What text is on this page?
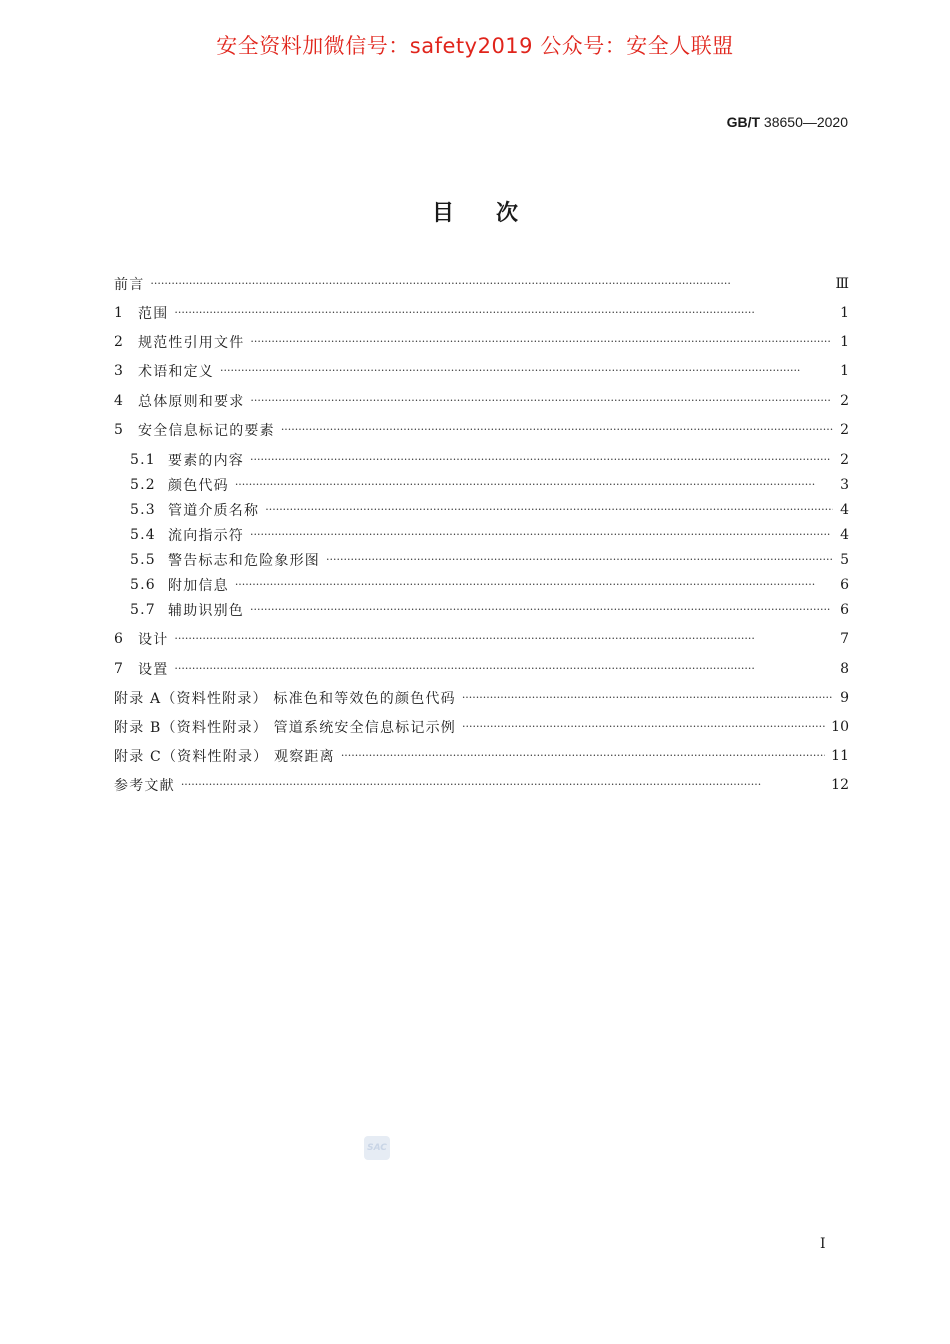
安全资料加微信号：safety2019 公众号：安全人联盟
GB/T 38650—2020
目次
前言 ·····	Ⅲ
1 范围 ·····	1
2 规范性引用文件 ·····	1
3 术语和定义 ·····	1
4 总体原则和要求 ·····	2
5 安全信息标记的要素 ·····	2
5.1 要素的内容 ·····	2
5.2 颜色代码 ·····	3
5.3 管道介质名称 ·····	4
5.4 流向指示符 ·····	4
5.5 警告标志和危险象形图 ·····	5
5.6 附加信息 ·····	6
5.7 辅助识别色 ·····	6
6 设计 ·····	7
7 设置 ·····	8
附录 A（资料性附录） 标准色和等效色的颜色代码 ·····	9
附录 B（资料性附录） 管道系统安全信息标记示例 ·····	10
附录 C（资料性附录） 观察距离 ·····	11
参考文献 ·····	12
SAC
I
